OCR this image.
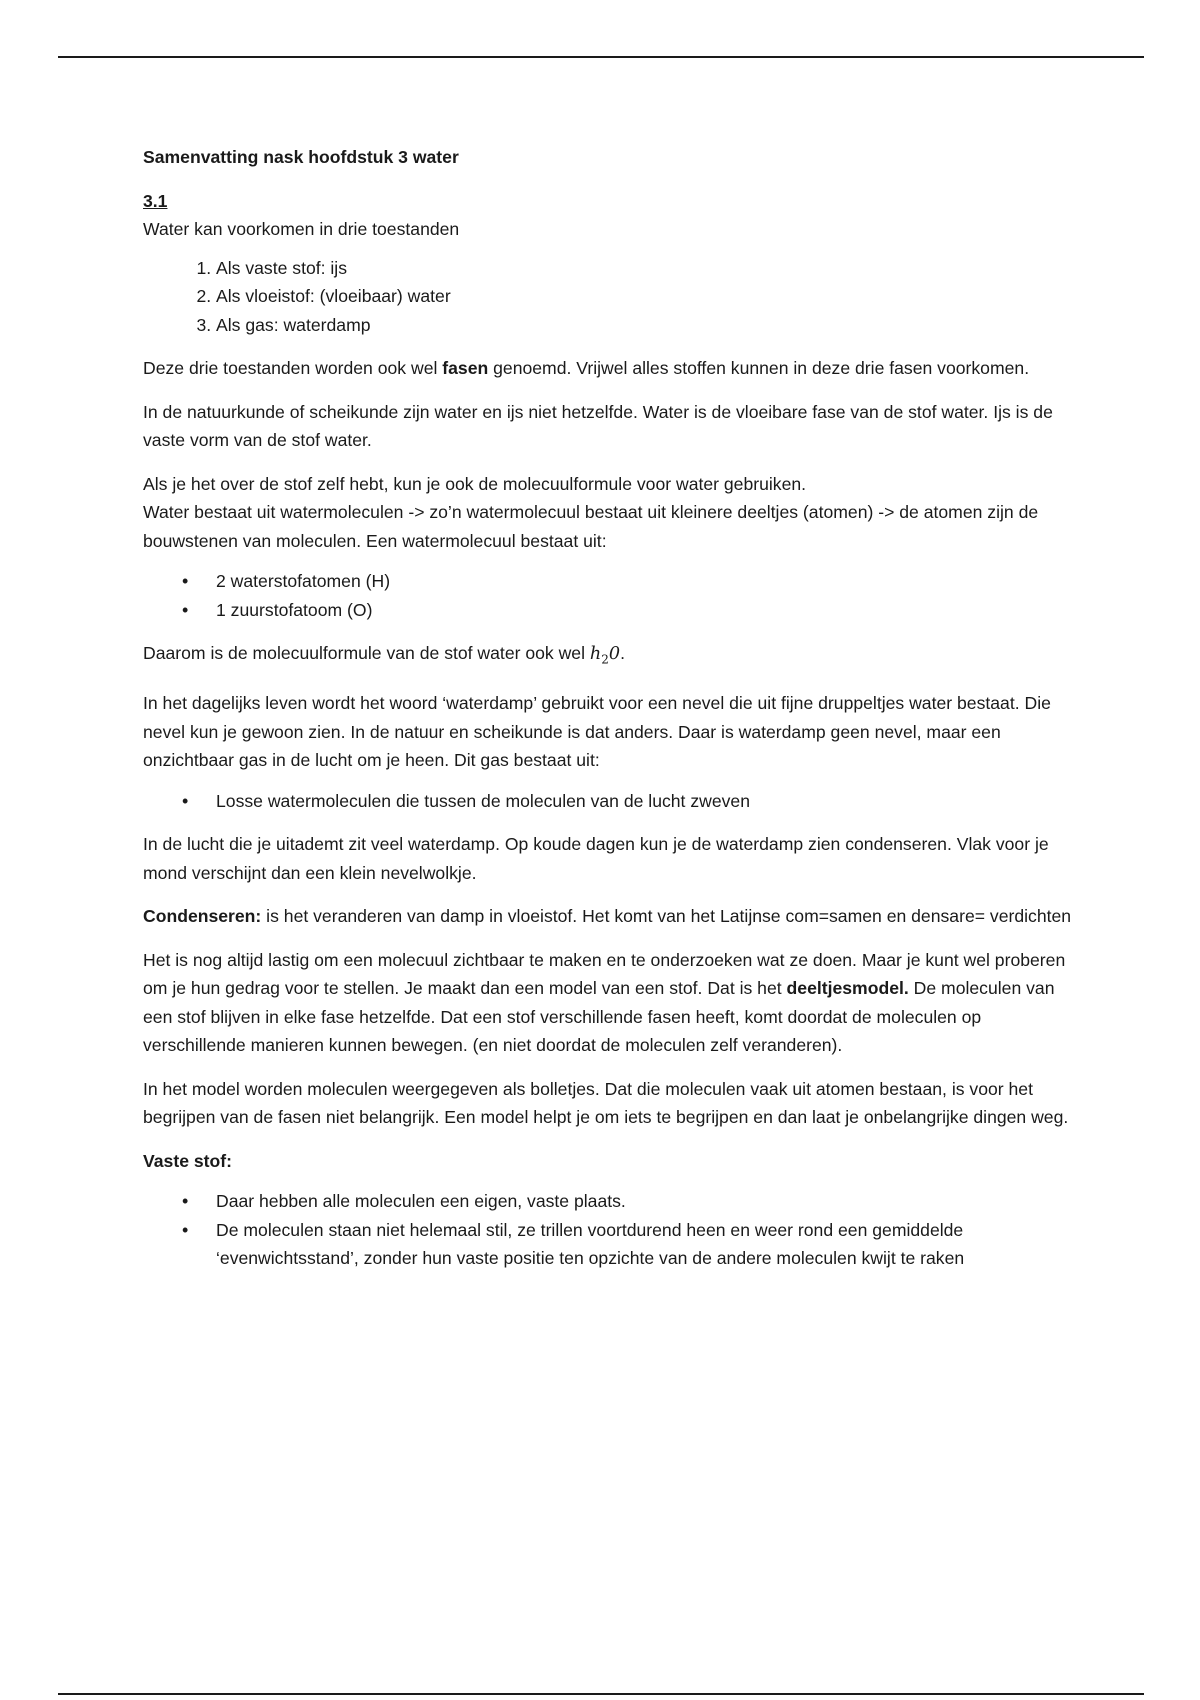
Samenvatting nask hoofdstuk 3 water

3.1

Water kan voorkomen in drie toestanden

1. Als vaste stof: ijs
2. Als vloeistof: (vloeibaar) water
3. Als gas: waterdamp

Deze drie toestanden worden ook wel fasen genoemd. Vrijwel alles stoffen kunnen in deze drie fasen voorkomen.

In de natuurkunde of scheikunde zijn water en ijs niet hetzelfde. Water is de vloeibare fase van de stof water. Ijs is de vaste vorm van de stof water.

Als je het over de stof zelf hebt, kun je ook de molecuulformule voor water gebruiken.
Water bestaat uit watermoleculen -> zo’n watermolecuul bestaat uit kleinere deeltjes (atomen) -> de atomen zijn de bouwstenen van moleculen. Een watermolecuul bestaat uit:

• 2 waterstofatomen (H)
• 1 zuurstofatoom (O)

Daarom is de molecuulformule van de stof water ook wel $h_20$.

In het dagelijks leven wordt het woord ‘waterdamp’ gebruikt voor een nevel die uit fijne druppeltjes water bestaat. Die nevel kun je gewoon zien. In de natuur en scheikunde is dat anders. Daar is waterdamp geen nevel, maar een onzichtbaar gas in de lucht om je heen. Dit gas bestaat uit:

• Losse watermoleculen die tussen de moleculen van de lucht zweven

In de lucht die je uitademt zit veel waterdamp. Op koude dagen kun je de waterdamp zien condenseren. Vlak voor je mond verschijnt dan een klein nevelwolkje.

Condenseren: is het veranderen van damp in vloeistof. Het komt van het Latijnse com=samen en densare= verdichten

Het is nog altijd lastig om een molecuul zichtbaar te maken en te onderzoeken wat ze doen. Maar je kunt wel proberen om je hun gedrag voor te stellen. Je maakt dan een model van een stof. Dat is het deeltjesmodel. De moleculen van een stof blijven in elke fase hetzelfde. Dat een stof verschillende fasen heeft, komt doordat de moleculen op verschillende manieren kunnen bewegen. (en niet doordat de moleculen zelf veranderen).

In het model worden moleculen weergegeven als bolletjes. Dat die moleculen vaak uit atomen bestaan, is voor het begrijpen van de fasen niet belangrijk. Een model helpt je om iets te begrijpen en dan laat je onbelangrijke dingen weg.

Vaste stof:

• Daar hebben alle moleculen een eigen, vaste plaats.
• De moleculen staan niet helemaal stil, ze trillen voortdurend heen en weer rond een gemiddelde ‘evenwichtsstand’, zonder hun vaste positie ten opzichte van de andere moleculen kwijt te raken
